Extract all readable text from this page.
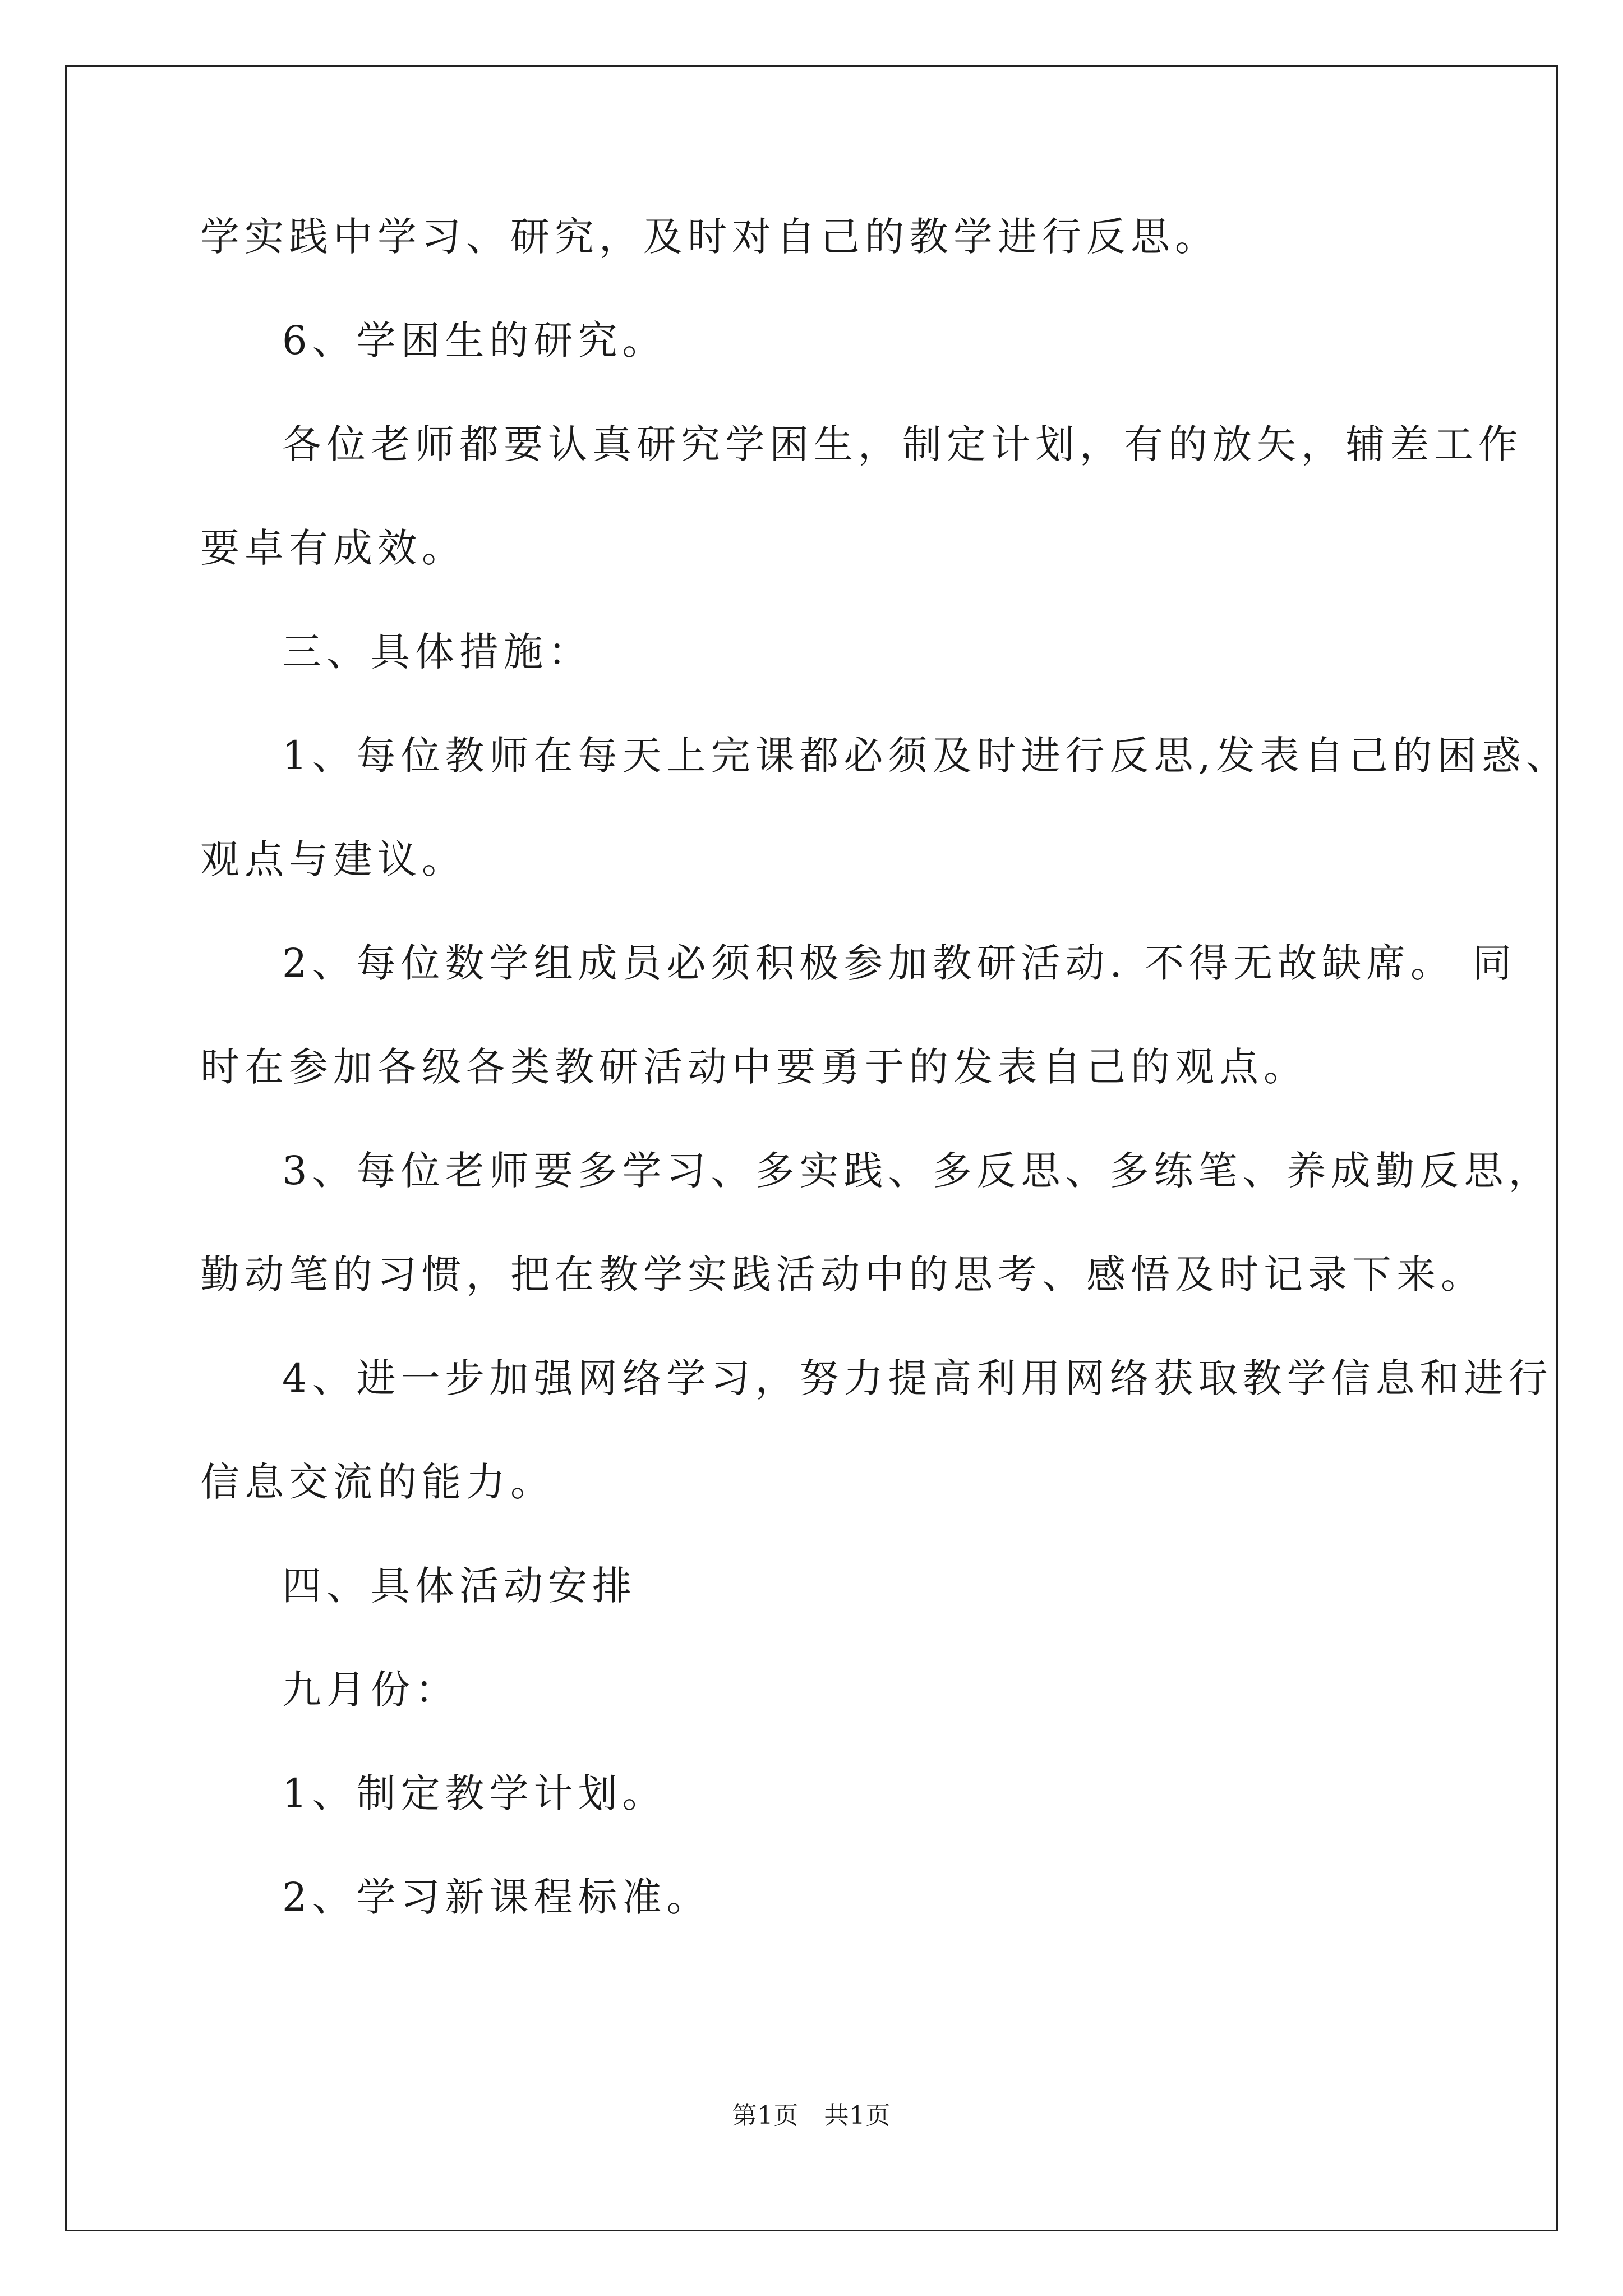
学实践中学习、研究，及时对自己的教学进行反思。
6、学困生的研究。
各位老师都要认真研究学困生，制定计划，有的放矢，辅差工作
要卓有成效。
三、具体措施：
1、每位教师在每天上完课都必须及时进行反思,发表自己的困惑、
观点与建议。
2、每位数学组成员必须积极参加教研活动. 不得无故缺席。 同
时在参加各级各类教研活动中要勇于的发表自己的观点。
3、每位老师要多学习、多实践、多反思、多练笔、养成勤反思，
勤动笔的习惯，把在教学实践活动中的思考、感悟及时记录下来。
4、进一步加强网络学习，努力提高利用网络获取教学信息和进行
信息交流的能力。
四、具体活动安排
九月份：
1、制定教学计划。
2、学习新课程标准。
第1页   共1页
